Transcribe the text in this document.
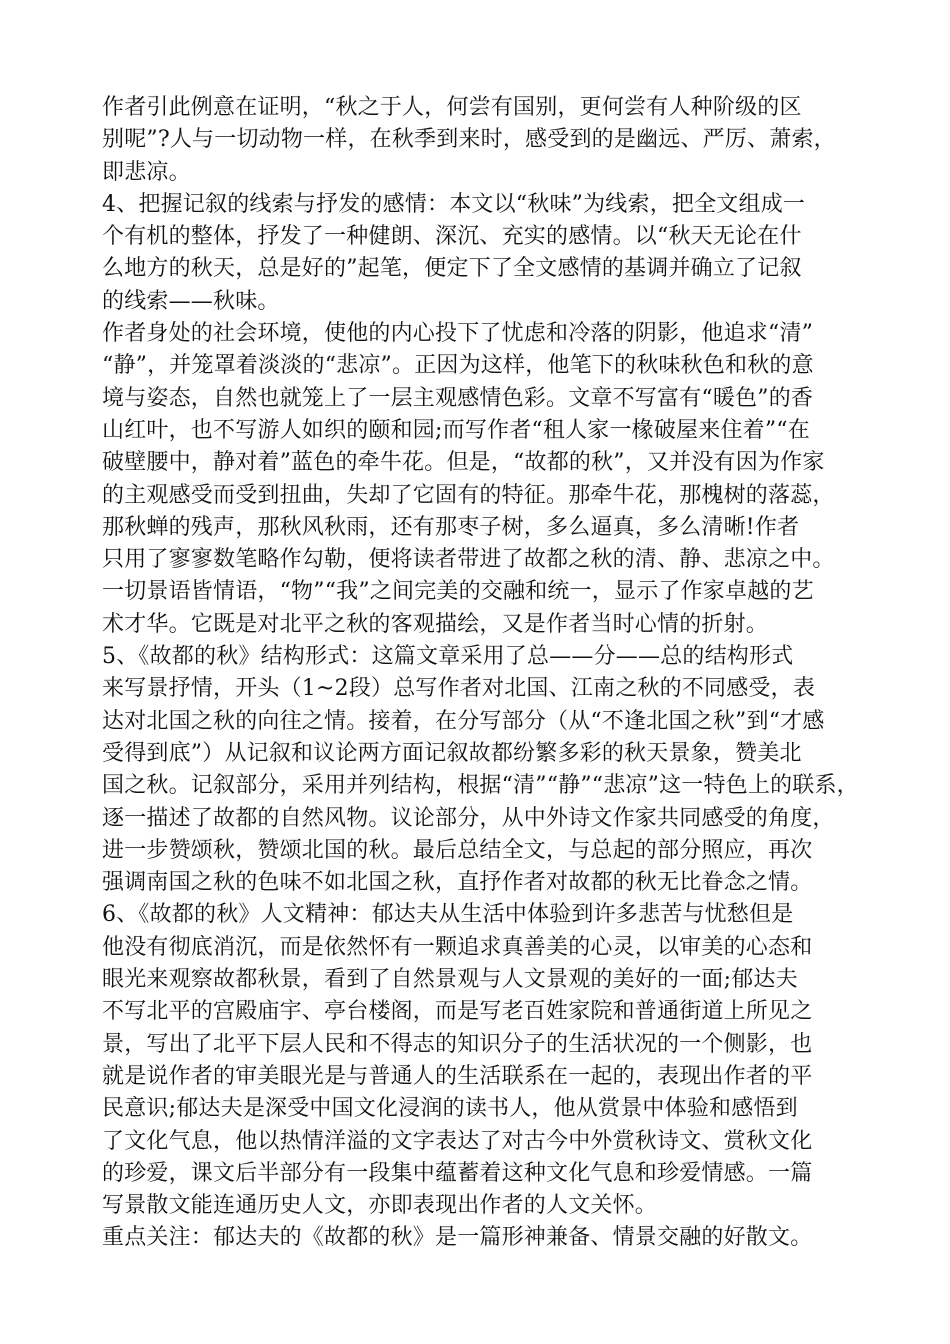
作者引此例意在证明，“秋之于人，何尝有国别，更何尝有人种阶级的区
别呢”?人与一切动物一样，在秋季到来时，感受到的是幽远、严厉、萧索，
即悲凉。
4、把握记叙的线索与抒发的感情：本文以“秋味”为线索，把全文组成一
个有机的整体，抒发了一种健朗、深沉、充实的感情。以“秋天无论在什
么地方的秋天，总是好的”起笔，便定下了全文感情的基调并确立了记叙
的线索——秋味。
作者身处的社会环境，使他的内心投下了忧虑和冷落的阴影，他追求“清”
“静”，并笼罩着淡淡的“悲凉”。正因为这样，他笔下的秋味秋色和秋的意
境与姿态，自然也就笼上了一层主观感情色彩。文章不写富有“暖色”的香
山红叶，也不写游人如织的颐和园;而写作者“租人家一椽破屋来住着”“在
破壁腰中，静对着”蓝色的牵牛花。但是，“故都的秋”，又并没有因为作家
的主观感受而受到扭曲，失却了它固有的特征。那牵牛花，那槐树的落蕊，
那秋蝉的残声，那秋风秋雨，还有那枣子树，多么逼真，多么清晰!作者
只用了寥寥数笔略作勾勒，便将读者带进了故都之秋的清、静、悲凉之中。
一切景语皆情语，“物”“我”之间完美的交融和统一，显示了作家卓越的艺
术才华。它既是对北平之秋的客观描绘，又是作者当时心情的折射。
5、《故都的秋》结构形式：这篇文章采用了总——分——总的结构形式
来写景抒情，开头（1~2段）总写作者对北国、江南之秋的不同感受，表
达对北国之秋的向往之情。接着，在分写部分（从“不逢北国之秋”到“才感
受得到底”）从记叙和议论两方面记叙故都纷繁多彩的秋天景象，赞美北
国之秋。记叙部分，采用并列结构，根据“清”“静”“悲凉”这一特色上的联系，
逐一描述了故都的自然风物。议论部分，从中外诗文作家共同感受的角度，
进一步赞颂秋，赞颂北国的秋。最后总结全文，与总起的部分照应，再次
强调南国之秋的色味不如北国之秋，直抒作者对故都的秋无比眷念之情。
6、《故都的秋》人文精神：郁达夫从生活中体验到许多悲苦与忧愁但是
他没有彻底消沉，而是依然怀有一颗追求真善美的心灵，以审美的心态和
眼光来观察故都秋景，看到了自然景观与人文景观的美好的一面;郁达夫
不写北平的宫殿庙宇、亭台楼阁，而是写老百姓家院和普通街道上所见之
景，写出了北平下层人民和不得志的知识分子的生活状况的一个侧影，也
就是说作者的审美眼光是与普通人的生活联系在一起的，表现出作者的平
民意识;郁达夫是深受中国文化浸润的读书人，他从赏景中体验和感悟到
了文化气息，他以热情洋溢的文字表达了对古今中外赏秋诗文、赏秋文化
的珍爱，课文后半部分有一段集中蕴蓄着这种文化气息和珍爱情感。一篇
写景散文能连通历史人文，亦即表现出作者的人文关怀。
重点关注：郁达夫的《故都的秋》是一篇形神兼备、情景交融的好散文。
